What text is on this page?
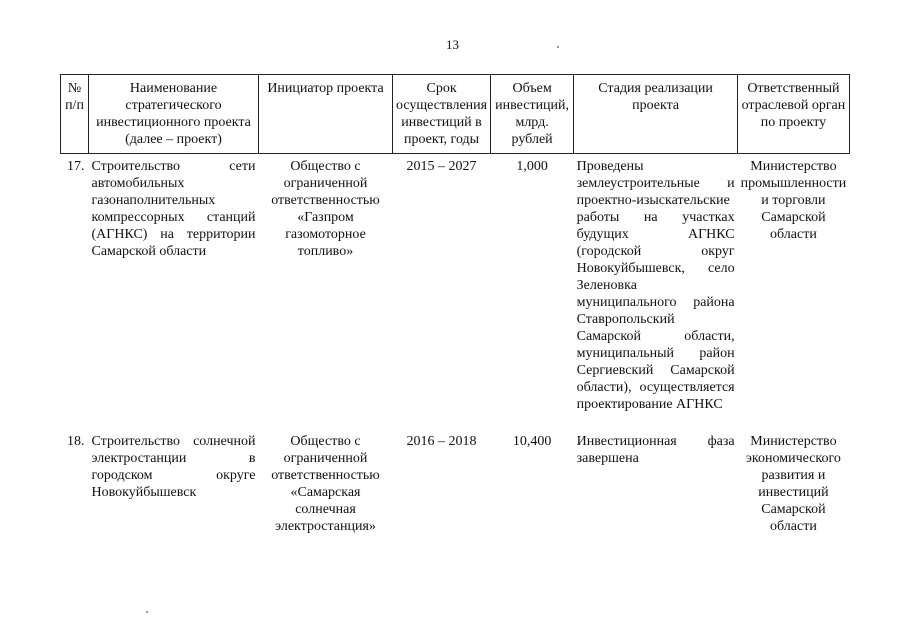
13
№ п/п	Наименование стратегического инвестиционного проекта (далее – проект)	Инициатор проекта	Срок осуществления инвестиций в проект, годы	Объем инвестиций, млрд. рублей	Стадия реализации проекта	Ответственный отраслевой орган по проекту
17.	Строительство сети автомобильных газонаполнительных компрессорных станций (АГНКС) на территории Самарской области	Общество с ограниченной ответственностью «Газпром газомоторное топливо»	2015 – 2027	1,000	Проведены землеустроительные и проектно-изыскательские работы на участках будущих АГНКС (городской округ Новокуйбышевск, село Зеленовка муниципального района Ставропольский Самарской области, муниципальный район Сергиевский Самарской области), осуществляется проектирование АГНКС	Министерство промышленности и торговли Самарской области
18.	Строительство солнечной электростанции в городском округе Новокуйбышевск	Общество с ограниченной ответственностью «Самарская солнечная электростанция»	2016 – 2018	10,400	Инвестиционная фаза завершена	Министерство экономического развития и инвестиций Самарской области
